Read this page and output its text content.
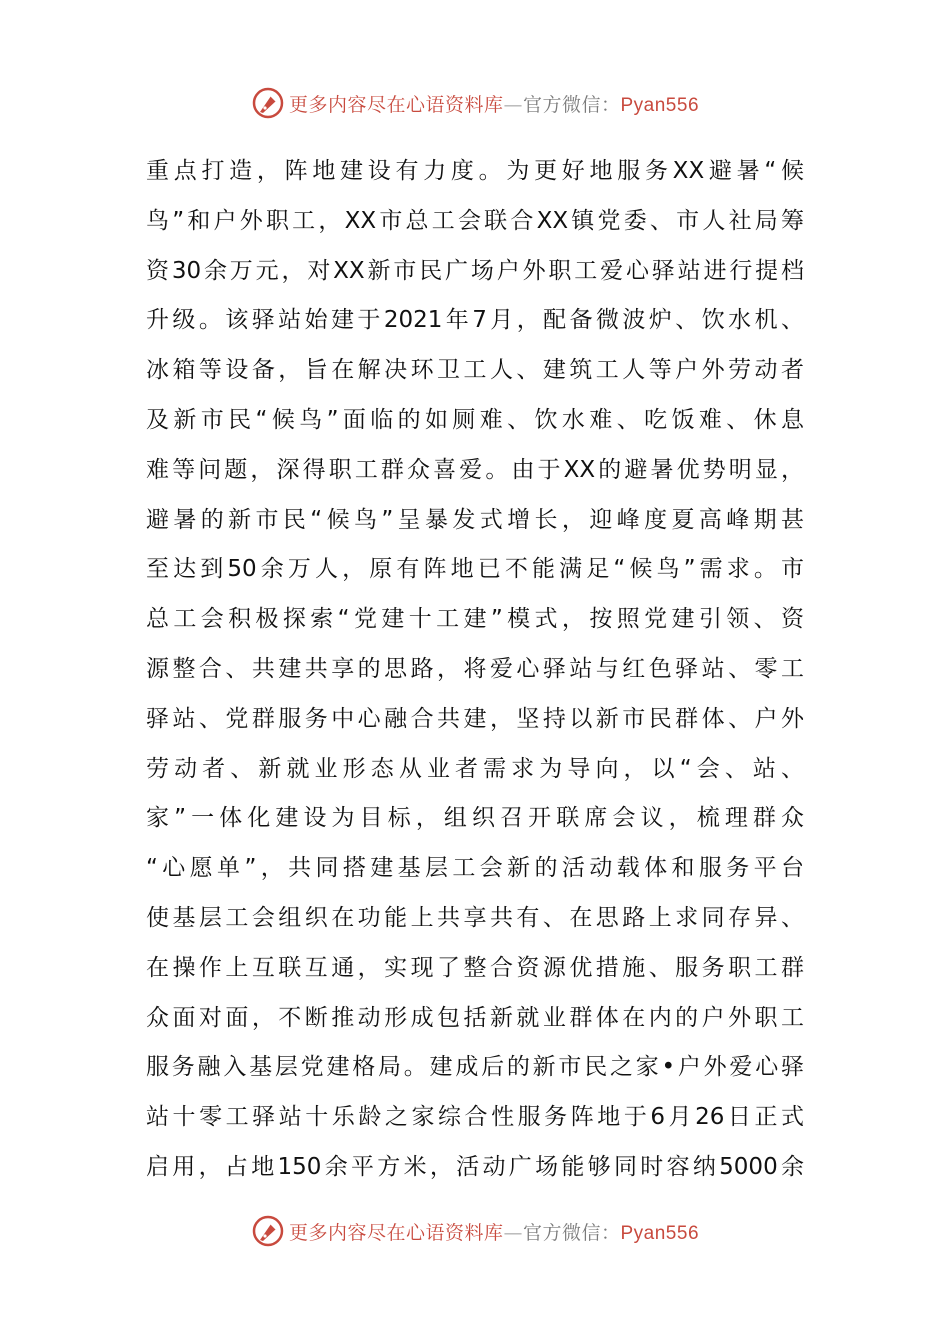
更多内容尽在心语资料库—官方微信：Pyan556
重点打造，阵地建设有力度。为更好地服务XX避暑“候
鸟”和户外职工，XX市总工会联合XX镇党委、市人社局筹
资30余万元，对XX新市民广场户外职工爱心驿站进行提档
升级。该驿站始建于2021年7月，配备微波炉、饮水机、
冰箱等设备，旨在解决环卫工人、建筑工人等户外劳动者
及新市民“候鸟”面临的如厕难、饮水难、吃饭难、休息
难等问题，深得职工群众喜爱。由于XX的避暑优势明显，
避暑的新市民“候鸟”呈暴发式增长，迎峰度夏高峰期甚
至达到50余万人，原有阵地已不能满足“候鸟”需求。市
总工会积极探索“党建十工建”模式，按照党建引领、资
源整合、共建共享的思路，将爱心驿站与红色驿站、零工
驿站、党群服务中心融合共建，坚持以新市民群体、户外
劳动者、新就业形态从业者需求为导向，以“会、站、
家”一体化建设为目标，组织召开联席会议，梳理群众
“心愿单”，共同搭建基层工会新的活动载体和服务平台
使基层工会组织在功能上共享共有、在思路上求同存异、
在操作上互联互通，实现了整合资源优措施、服务职工群
众面对面，不断推动形成包括新就业群体在内的户外职工
服务融入基层党建格局。建成后的新市民之家•户外爱心驿
站十零工驿站十乐龄之家综合性服务阵地于6月26日正式
启用，占地150余平方米，活动广场能够同时容纳5000余
更多内容尽在心语资料库—官方微信：Pyan556
